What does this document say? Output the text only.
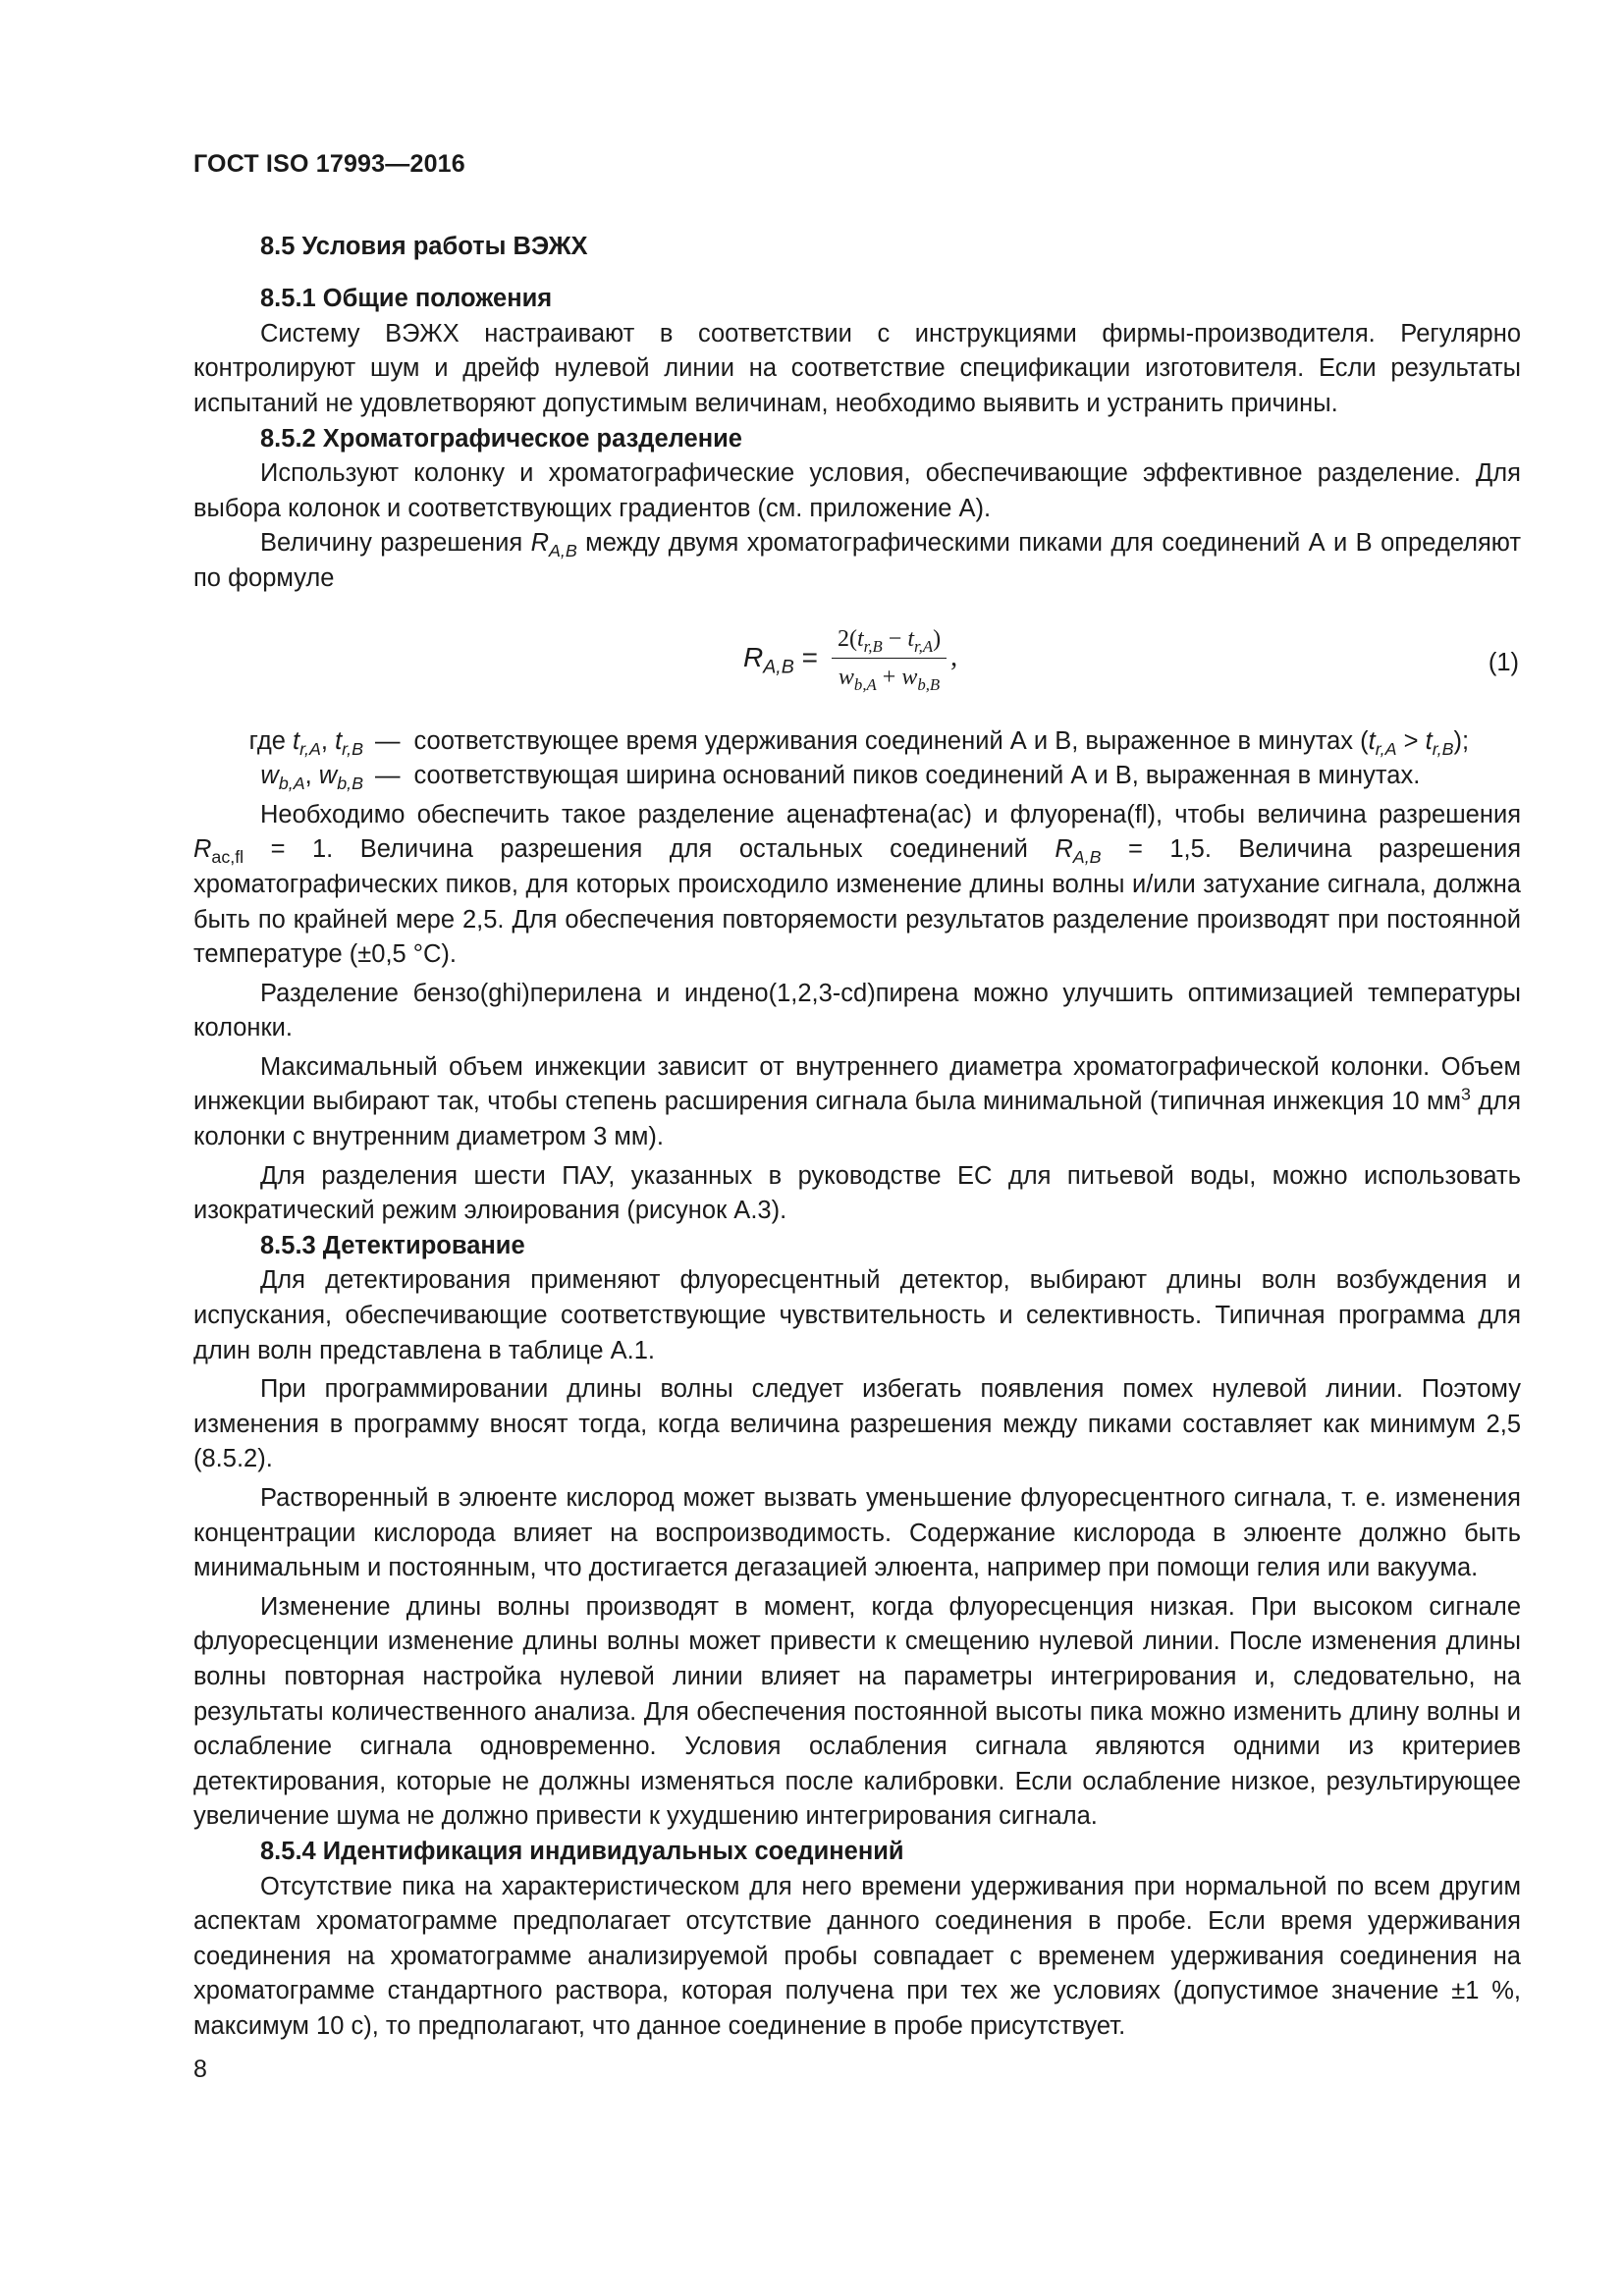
ГОСТ ISO 17993—2016
8.5 Условия работы ВЭЖХ
8.5.1 Общие положения

Систему ВЭЖХ настраивают в соответствии с инструкциями фирмы-производителя. Регулярно контролируют шум и дрейф нулевой линии на соответствие спецификации изготовителя. Если результаты испытаний не удовлетворяют допустимым величинам, необходимо выявить и устранить причины.

8.5.2 Хроматографическое разделение

Используют колонку и хроматографические условия, обеспечивающие эффективное разделение. Для выбора колонок и соответствующих градиентов (см. приложение А).

Величину разрешения $R_{A,B}$ между двумя хроматографическими пиками для соединений А и В определяют по формуле

$R_{A,B} = \frac{2(t_{r,B} - t_{r,A})}{w_{b,A} + w_{b,B}}$ ,	(1)
где $t_{r,A}$, $t_{r,B}$ — соответствующее время удерживания соединений А и В, выраженное в минутах $(t_{r,A} > t_{r,B})$;
$w_{b,A}$, $w_{b,B}$ — соответствующая ширина оснований пиков соединений А и В, выраженная в минутах.

Необходимо обеспечить такое разделение аценафтена(ac) и флуорена(fl), чтобы величина разрешения $R_{ac,fl} = 1$. Величина разрешения для остальных соединений $R_{A,B} = 1,5$. Величина разрешения хроматографических пиков, для которых происходило изменение длины волны и/или затухание сигнала, должна быть по крайней мере 2,5. Для обеспечения повторяемости результатов разделение производят при постоянной температуре (±0,5 °С).

Разделение бензо(ghi)перилена и индено(1,2,3-cd)пирена можно улучшить оптимизацией температуры колонки.

Максимальный объем инжекции зависит от внутреннего диаметра хроматографической колонки. Объем инжекции выбирают так, чтобы степень расширения сигнала была минимальной (типичная инжекция 10 $мм^3$ для колонки с внутренним диаметром 3 мм).

Для разделения шести ПАУ, указанных в руководстве ЕС для питьевой воды, можно использовать изократический режим элюирования (рисунок А.3).

8.5.3 Детектирование

Для детектирования применяют флуоресцентный детектор, выбирают длины волн возбуждения и испускания, обеспечивающие соответствующие чувствительность и селективность. Типичная программа для длин волн представлена в таблице А.1.

При программировании длины волны следует избегать появления помех нулевой линии. Поэтому изменения в программу вносят тогда, когда величина разрешения между пиками составляет как минимум 2,5 (8.5.2).

Растворенный в элюенте кислород может вызвать уменьшение флуоресцентного сигнала, т. е. изменения концентрации кислорода влияет на воспроизводимость. Содержание кислорода в элюенте должно быть минимальным и постоянным, что достигается дегазацией элюента, например при помощи гелия или вакуума.

Изменение длины волны производят в момент, когда флуоресценция низкая. При высоком сигнале флуоресценции изменение длины волны может привести к смещению нулевой линии. После изменения длины волны повторная настройка нулевой линии влияет на параметры интегрирования и, следовательно, на результаты количественного анализа. Для обеспечения постоянной высоты пика можно изменить длину волны и ослабление сигнала одновременно. Условия ослабления сигнала являются одними из критериев детектирования, которые не должны изменяться после калибровки. Если ослабление низкое, результирующее увеличение шума не должно привести к ухудшению интегрирования сигнала.

8.5.4 Идентификация индивидуальных соединений

Отсутствие пика на характеристическом для него времени удерживания при нормальной по всем другим аспектам хроматограмме предполагает отсутствие данного соединения в пробе. Если время удерживания соединения на хроматограмме анализируемой пробы совпадает с временем удерживания соединения на хроматограмме стандартного раствора, которая получена при тех же условиях (допустимое значение ±1 %, максимум 10 с), то предполагают, что данное соединение в пробе присутствует.

8
